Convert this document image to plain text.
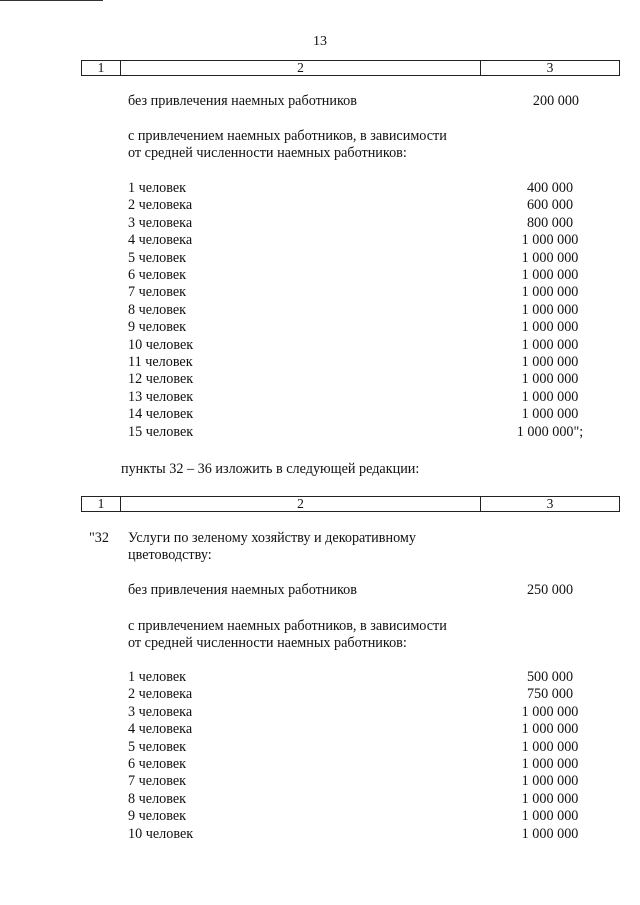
13
1	2	3
без привлечения наемных работников	200 000
с привлечением наемных работников, в зависимости
от средней численности наемных работников:
1 человек	400 000
2 человека	600 000
3 человека	800 000
4 человека	1 000 000
5 человек	1 000 000
6 человек	1 000 000
7 человек	1 000 000
8 человек	1 000 000
9 человек	1 000 000
10 человек	1 000 000
11 человек	1 000 000
12 человек	1 000 000
13 человек	1 000 000
14 человек	1 000 000
15 человек	1 000 000";
пункты 32 – 36 изложить в следующей редакции:
1	2	3
"32 Услуги по зеленому хозяйству и декоративному
цветоводству:
без привлечения наемных работников	250 000
с привлечением наемных работников, в зависимости
от средней численности наемных работников:
1 человек	500 000
2 человека	750 000
3 человека	1 000 000
4 человека	1 000 000
5 человек	1 000 000
6 человек	1 000 000
7 человек	1 000 000
8 человек	1 000 000
9 человек	1 000 000
10 человек	1 000 000
